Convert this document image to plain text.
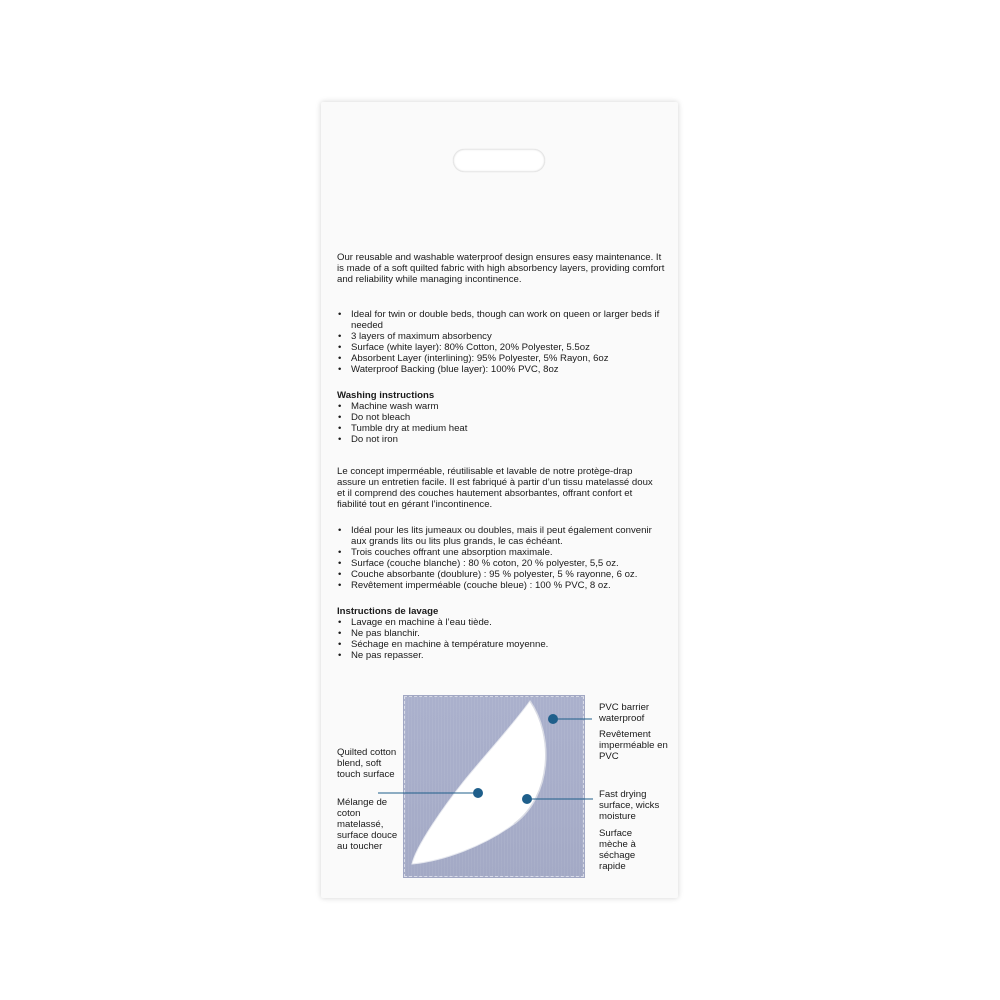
Our reusable and washable waterproof design ensures easy maintenance. It is made of a soft quilted fabric with high absorbency layers, providing comfort and reliability while managing incontinence.

• Ideal for twin or double beds, though can work on queen or larger beds if needed
• 3 layers of maximum absorbency
• Surface (white layer): 80% Cotton, 20% Polyester, 5.5oz
• Absorbent Layer (interlining): 95% Polyester, 5% Rayon, 6oz
• Waterproof Backing (blue layer): 100% PVC, 8oz

Washing instructions

• Machine wash warm
• Do not bleach
• Tumble dry at medium heat
• Do not iron

Le concept imperméable, réutilisable et lavable de notre protège-drap assure un entretien facile. Il est fabriqué à partir d’un tissu matelassé doux et il comprend des couches hautement absorbantes, offrant confort et fiabilité tout en gérant l’incontinence.

• Idéal pour les lits jumeaux ou doubles, mais il peut également convenir aux grands lits ou lits plus grands, le cas échéant.
• Trois couches offrant une absorption maximale.
• Surface (couche blanche) : 80 % coton, 20 % polyester, 5,5 oz.
• Couche absorbante (doublure) : 95 % polyester, 5 % rayonne, 6 oz.
• Revêtement imperméable (couche bleue) : 100 % PVC, 8 oz.

Instructions de lavage

• Lavage en machine à l’eau tiède.
• Ne pas blanchir.
• Séchage en machine à température moyenne.
• Ne pas repasser.

Quilted cotton blend, soft touch surface

Mélange de coton matelassé, surface douce au toucher

PVC barrier waterproof

Revêtement imperméable en PVC

Fast drying surface, wicks moisture

Surface mèche à séchage rapide
